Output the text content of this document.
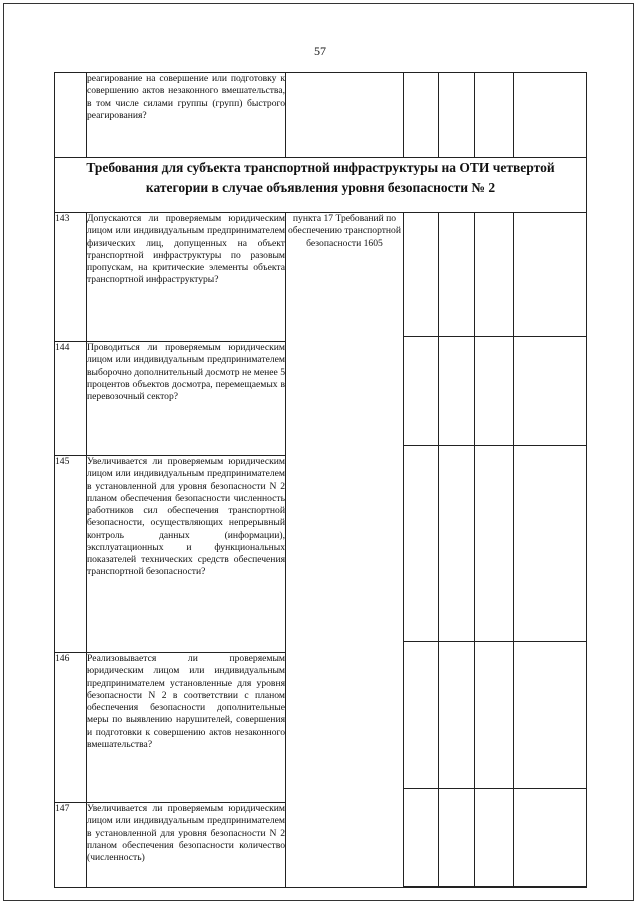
57
	реагирование на совершение или подготовку к совершению актов незаконного вмешательства, в том числе силами группы (групп) быстрого реагирования?					
Требования для субъекта транспортной инфраструктуры на ОТИ четвертой категории в случае объявления уровня безопасности № 2						
143	Допускаются ли проверяемым юридическим лицом или индивидуальным предпринимателем физических лиц, допущенных на объект транспортной инфраструктуры по разовым пропускам, на критические элементы объекта транспортной инфраструктуры?	пункта 17 Требований по обеспечению транспортной безопасности 1605				

144	Проводиться ли проверяемым юридическим лицом или индивидуальным предпринимателем выборочно дополнительный досмотр не менее 5 процентов объектов досмотра, перемещаемых в перевозочный сектор?					

145	Увеличивается ли проверяемым юридическим лицом или индивидуальным предпринимателем в установленной для уровня безопасности N 2 планом обеспечения безопасности численность работников сил обеспечения транспортной безопасности, осуществляющих непрерывный контроль данных (информации), эксплуатационных и функциональных показателей технических средств обеспечения транспортной безопасности?					

146	Реализовывается ли проверяемым юридическим лицом или индивидуальным предпринимателем установленные для уровня безопасности N 2 в соответствии с планом обеспечения безопасности дополнительные меры по выявлению нарушителей, совершения и подготовки к совершению актов незаконного вмешательства?					

147	Увеличивается ли проверяемым юридическим лицом или индивидуальным предпринимателем в установленной для уровня безопасности N 2 планом обеспечения безопасности количество (численность)					
